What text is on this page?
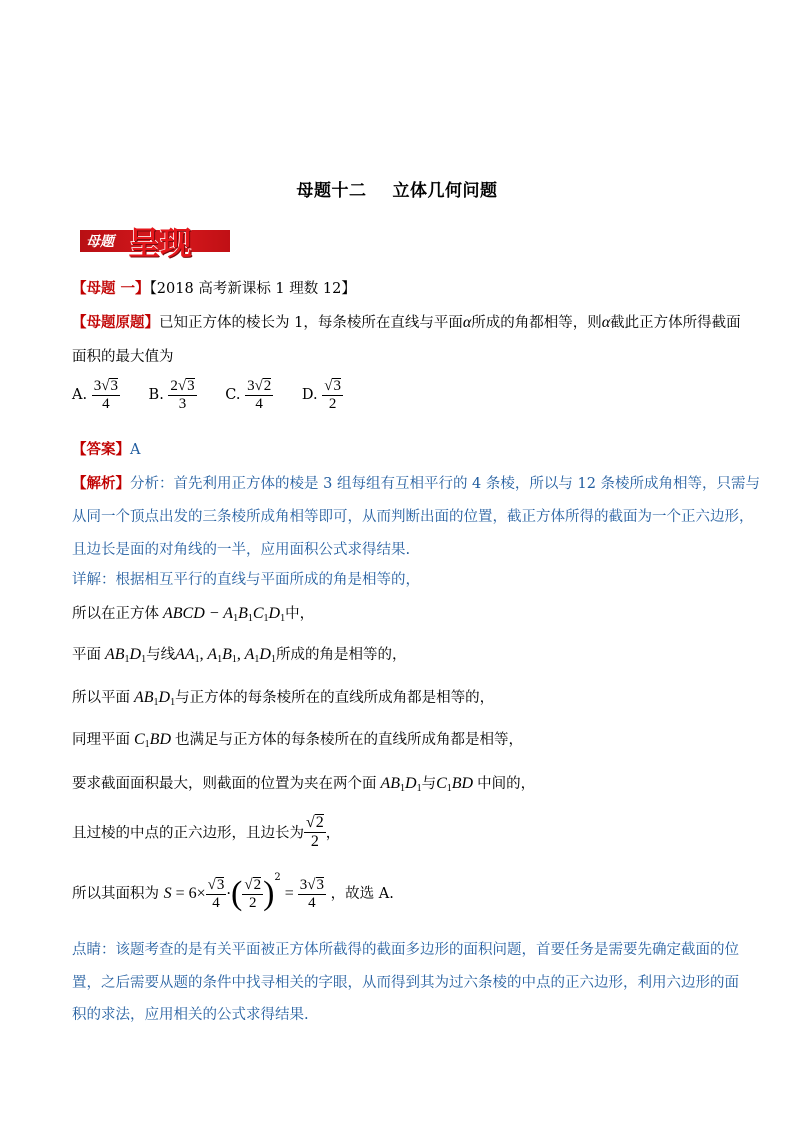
母题十二 立体几何问题
母题 呈现
【母题 一】【2018 高考新课标 1 理数 12】
【母题原题】已知正方体的棱长为 1，每条棱所在直线与平面α所成的角都相等，则α截此正方体所得截面
面积的最大值为
A. $\frac{3√3}{4} B$. $\frac{2√3}{3} C$. $\frac{3√2}{4} D$. $\frac{√3}{2}$
【答案】A
【解析】分析：首先利用正方体的棱是 3 组每组有互相平行的 4 条棱，所以与 12 条棱所成角相等，只需与
从同一个顶点出发的三条棱所成角相等即可，从而判断出面的位置，截正方体所得的截面为一个正六边形，
且边长是面的对角线的一半，应用面积公式求得结果.
详解：根据相互平行的直线与平面所成的角是相等的，
所以在正方体 ABCD − $A_1B_1C_1D_1$中，
平面 $AB_1D_1$与线$AA_1$, $A_1B_1$, $A_1D_1$所成的角是相等的，
所以平面 $AB_1D_1$与正方体的每条棱所在的直线所成角都是相等的，
同理平面 $C_1BD$ 也满足与正方体的每条棱所在的直线所成角都是相等，
要求截面面积最大，则截面的位置为夹在两个面 $AB_1D_1$与$C_1BD$ 中间的，
且过棱的中点的正六边形，且边长为 $\frac{√2}{2}$ ，
所以其面积为 $S = 6\times \frac{√3}{4}$ ·( $\frac{√2}{2} )^2 = \frac{3√3}{4}$ ，故选 A.
点睛：该题考查的是有关平面被正方体所截得的截面多边形的面积问题，首要任务是需要先确定截面的位
置，之后需要从题的条件中找寻相关的字眼，从而得到其为过六条棱的中点的正六边形，利用六边形的面
积的求法，应用相关的公式求得结果.
